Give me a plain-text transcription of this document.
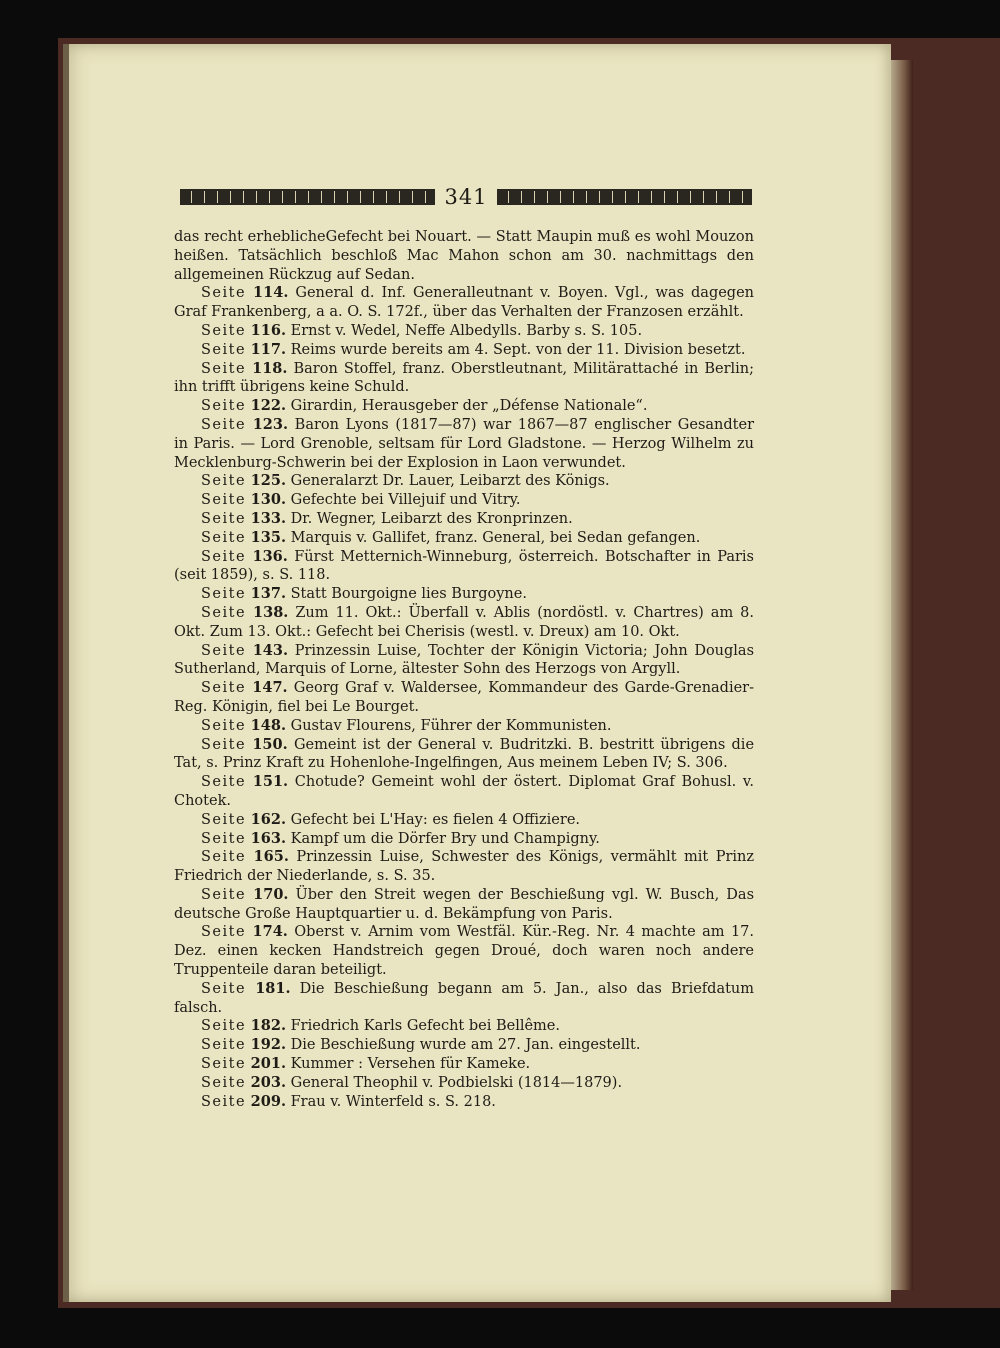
341

das recht erheblicheGefecht bei Nouart. — Statt Maupin muß es wohl Mouzon heißen. Tatsächlich beschloß Mac Mahon schon am 30. nachmittags den allgemeinen Rückzug auf Sedan.

Seite 114. General d. Inf. Generalleutnant v. Boyen. Vgl., was dagegen Graf Frankenberg, a a. O. S. 172f., über das Verhalten der Franzosen erzählt.

Seite 116. Ernst v. Wedel, Neffe Albedylls. Barby s. S. 105.

Seite 117. Reims wurde bereits am 4. Sept. von der 11. Division besetzt.

Seite 118. Baron Stoffel, franz. Oberstleutnant, Militärattaché in Berlin; ihn trifft übrigens keine Schuld.

Seite 122. Girardin, Herausgeber der „Défense Nationale“.

Seite 123. Baron Lyons (1817—87) war 1867—87 englischer Gesandter in Paris. — Lord Grenoble, seltsam für Lord Gladstone. — Herzog Wilhelm zu Mecklenburg-Schwerin bei der Explosion in Laon verwundet.

Seite 125. Generalarzt Dr. Lauer, Leibarzt des Königs.

Seite 130. Gefechte bei Villejuif und Vitry.

Seite 133. Dr. Wegner, Leibarzt des Kronprinzen.

Seite 135. Marquis v. Gallifet, franz. General, bei Sedan gefangen.

Seite 136. Fürst Metternich-Winneburg, österreich. Botschafter in Paris (seit 1859), s. S. 118.

Seite 137. Statt Bourgoigne lies Burgoyne.

Seite 138. Zum 11. Okt.: Überfall v. Ablis (nordöstl. v. Chartres) am 8. Okt. Zum 13. Okt.: Gefecht bei Cherisis (westl. v. Dreux) am 10. Okt.

Seite 143. Prinzessin Luise, Tochter der Königin Victoria; John Douglas Sutherland, Marquis of Lorne, ältester Sohn des Herzogs von Argyll.

Seite 147. Georg Graf v. Waldersee, Kommandeur des Garde-Grenadier-Reg. Königin, fiel bei Le Bourget.

Seite 148. Gustav Flourens, Führer der Kommunisten.

Seite 150. Gemeint ist der General v. Budritzki. B. bestritt übrigens die Tat, s. Prinz Kraft zu Hohenlohe-Ingelfingen, Aus meinem Leben IV; S. 306.

Seite 151. Chotude? Gemeint wohl der östert. Diplomat Graf Bohusl. v. Chotek.

Seite 162. Gefecht bei L'Hay: es fielen 4 Offiziere.

Seite 163. Kampf um die Dörfer Bry und Champigny.

Seite 165. Prinzessin Luise, Schwester des Königs, vermählt mit Prinz Friedrich der Niederlande, s. S. 35.

Seite 170. Über den Streit wegen der Beschießung vgl. W. Busch, Das deutsche Große Hauptquartier u. d. Bekämpfung von Paris.

Seite 174. Oberst v. Arnim vom Westfäl. Kür.-Reg. Nr. 4 machte am 17. Dez. einen kecken Handstreich gegen Droué, doch waren noch andere Truppenteile daran beteiligt.

Seite 181. Die Beschießung begann am 5. Jan., also das Briefdatum falsch.

Seite 182. Friedrich Karls Gefecht bei Bellême.

Seite 192. Die Beschießung wurde am 27. Jan. eingestellt.

Seite 201. Kummer : Versehen für Kameke.

Seite 203. General Theophil v. Podbielski (1814—1879).

Seite 209. Frau v. Winterfeld s. S. 218.
